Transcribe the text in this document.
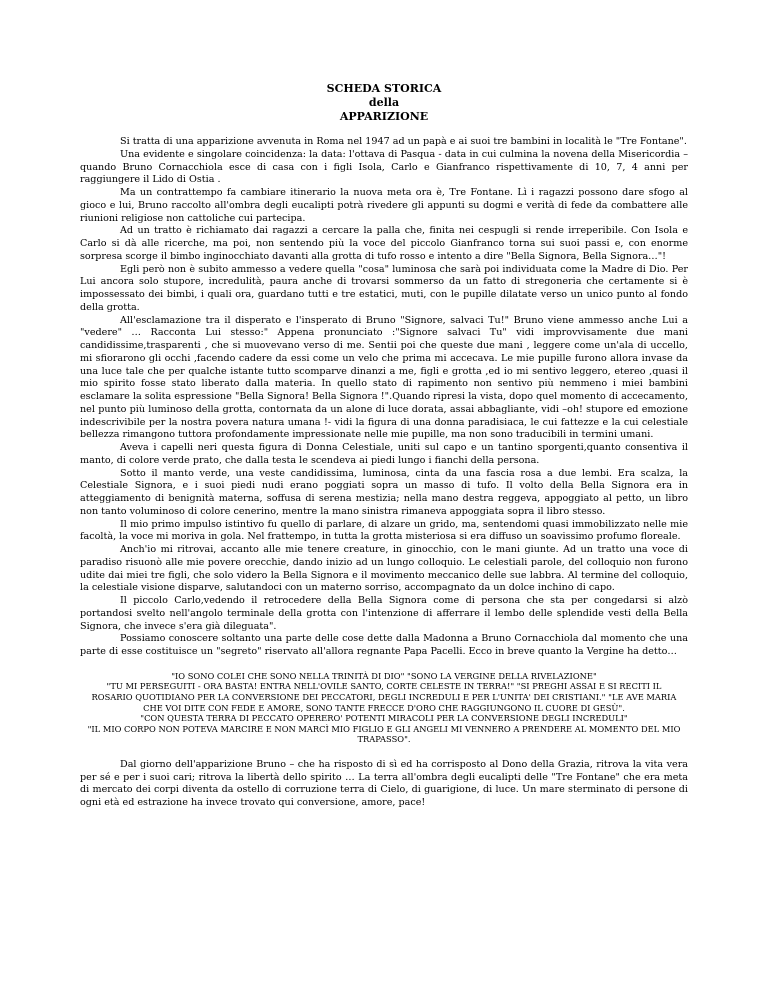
SCHEDA STORICA

della

APPARIZIONE

Si tratta di una apparizione avvenuta in Roma nel 1947 ad un papà e ai suoi tre bambini in località le "Tre Fontane".

Una evidente e singolare coincidenza: la data: l'ottava di Pasqua - data in cui culmina la novena della Misericordia – quando Bruno Cornacchiola esce di casa con i figli Isola, Carlo e Gianfranco rispettivamente di 10, 7, 4 anni per raggiungere il Lido di Ostia .

Ma un contrattempo fa cambiare itinerario la nuova meta ora è, Tre Fontane. Lì i ragazzi possono dare sfogo al gioco e lui, Bruno raccolto all'ombra degli eucalipti potrà rivedere gli appunti su dogmi e verità di fede da combattere alle riunioni religiose non cattoliche cui partecipa.

Ad un tratto è richiamato dai ragazzi a cercare la palla che, finita nei cespugli si rende irreperibile. Con Isola e Carlo si dà alle ricerche, ma poi, non sentendo più la voce del piccolo Gianfranco torna sui suoi passi e, con enorme sorpresa scorge il bimbo inginocchiato davanti alla grotta di tufo rosso e intento a dire "Bella Signora, Bella Signora…"!

Egli però non è subito ammesso a vedere quella "cosa" luminosa che sarà poi individuata come la Madre di Dio. Per Lui ancora solo stupore, incredulità, paura anche di trovarsi sommerso da un fatto di stregoneria che certamente si è impossessato dei bimbi, i quali ora, guardano tutti e tre estatici, muti, con le pupille dilatate verso un unico punto al fondo della grotta.

All'esclamazione tra il disperato e l'insperato di Bruno "Signore, salvaci Tu!" Bruno viene ammesso anche Lui a "vedere" … Racconta Lui stesso:" Appena pronunciato :"Signore salvaci Tu" vidi improvvisamente due mani candidissime,trasparenti , che si muovevano verso di me. Sentii poi che queste due mani , leggere come un'ala di uccello, mi sfiorarono gli occhi ,facendo cadere da essi come un velo che prima mi accecava. Le mie pupille furono allora invase da una luce tale che per qualche istante tutto scomparve dinanzi a me, figli e grotta ,ed io mi sentivo leggero, etereo ,quasi il mio spirito fosse stato liberato dalla materia. In quello stato di rapimento non sentivo più nemmeno i miei bambini esclamare la solita espressione "Bella Signora! Bella Signora !".Quando ripresi la vista, dopo quel momento di accecamento, nel punto più luminoso della grotta, contornata da un alone di luce dorata, assai abbagliante, vidi –oh! stupore ed emozione indescrivibile per la nostra povera natura umana !- vidi la figura di una donna paradisiaca, le cui fattezze e la cui celestiale bellezza rimangono tuttora profondamente impressionate nelle mie pupille, ma non sono traducibili in termini umani.

Aveva i capelli neri questa figura di Donna Celestiale, uniti sul capo e un tantino sporgenti,quanto consentiva il manto, di colore verde prato, che dalla testa le scendeva ai piedi lungo i fianchi della persona.

Sotto il manto verde, una veste candidissima, luminosa, cinta da una fascia rosa a due lembi. Era scalza, la Celestiale Signora, e i suoi piedi nudi erano poggiati sopra un masso di tufo. Il volto della Bella Signora era in atteggiamento di benignità materna, soffusa di serena mestizia; nella mano destra reggeva, appoggiato al petto, un libro non tanto voluminoso di colore cenerino, mentre la mano sinistra rimaneva appoggiata sopra il libro stesso.

Il mio primo impulso istintivo fu quello di parlare, di alzare un grido, ma, sentendomi quasi immobilizzato nelle mie facoltà, la voce mi moriva in gola. Nel frattempo, in tutta la grotta misteriosa si era diffuso un soavissimo profumo floreale.

Anch'io mi ritrovai, accanto alle mie tenere creature, in ginocchio, con le mani giunte. Ad un tratto una voce di paradiso risuonò alle mie povere orecchie, dando inizio ad un lungo colloquio. Le celestiali parole, del colloquio non furono udite dai miei tre figli, che solo videro la Bella Signora e il movimento meccanico delle sue labbra. Al termine del colloquio, la celestiale visione disparve, salutandoci con un materno sorriso, accompagnato da un dolce inchino di capo.

Il piccolo Carlo,vedendo il retrocedere della Bella Signora come di persona che sta per congedarsi si alzò portandosi svelto nell'angolo terminale della grotta con l'intenzione di afferrare il lembo delle splendide vesti della Bella Signora, che invece s'era già dileguata".

Possiamo conoscere soltanto una parte delle cose dette dalla Madonna a Bruno Cornacchiola dal momento che una parte di esse costituisce un "segreto" riservato all'allora regnante Papa Pacelli. Ecco in breve quanto la Vergine ha detto…

"IO SONO COLEI CHE SONO NELLA TRINITÀ DI DIO" "SONO LA VERGINE DELLA RIVELAZIONE"
"TU MI PERSEGUITI - ORA BASTA! ENTRA NELL'OVILE SANTO, CORTE CELESTE IN TERRA!" "SI PREGHI ASSAI E SI RECITI IL ROSARIO QUOTIDIANO PER LA CONVERSIONE DEI PECCATORI, DEGLI INCREDULI E PER L'UNITA' DEI CRISTIANI." "LE AVE MARIA CHE VOI DITE CON FEDE E AMORE, SONO TANTE FRECCE D'ORO CHE RAGGIUNGONO IL CUORE DI GESÙ".
"CON QUESTA TERRA DI PECCATO OPERERO' POTENTI MIRACOLI PER LA CONVERSIONE DEGLI INCREDULI"
"IL MIO CORPO NON POTEVA MARCIRE E NON MARCÌ MIO FIGLIO E GLI ANGELI MI VENNERO A PRENDERE AL MOMENTO DEL MIO TRAPASSO".

Dal giorno dell'apparizione Bruno – che ha risposto di sì ed ha corrisposto al Dono della Grazia, ritrova la vita vera per sé e per i suoi cari; ritrova la libertà dello spirito … La terra all'ombra degli eucalipti delle "Tre Fontane" che era meta di mercato dei corpi diventa da ostello di corruzione terra di Cielo, di guarigione, di luce. Un mare sterminato di persone di ogni età ed estrazione ha invece trovato qui conversione, amore, pace!
